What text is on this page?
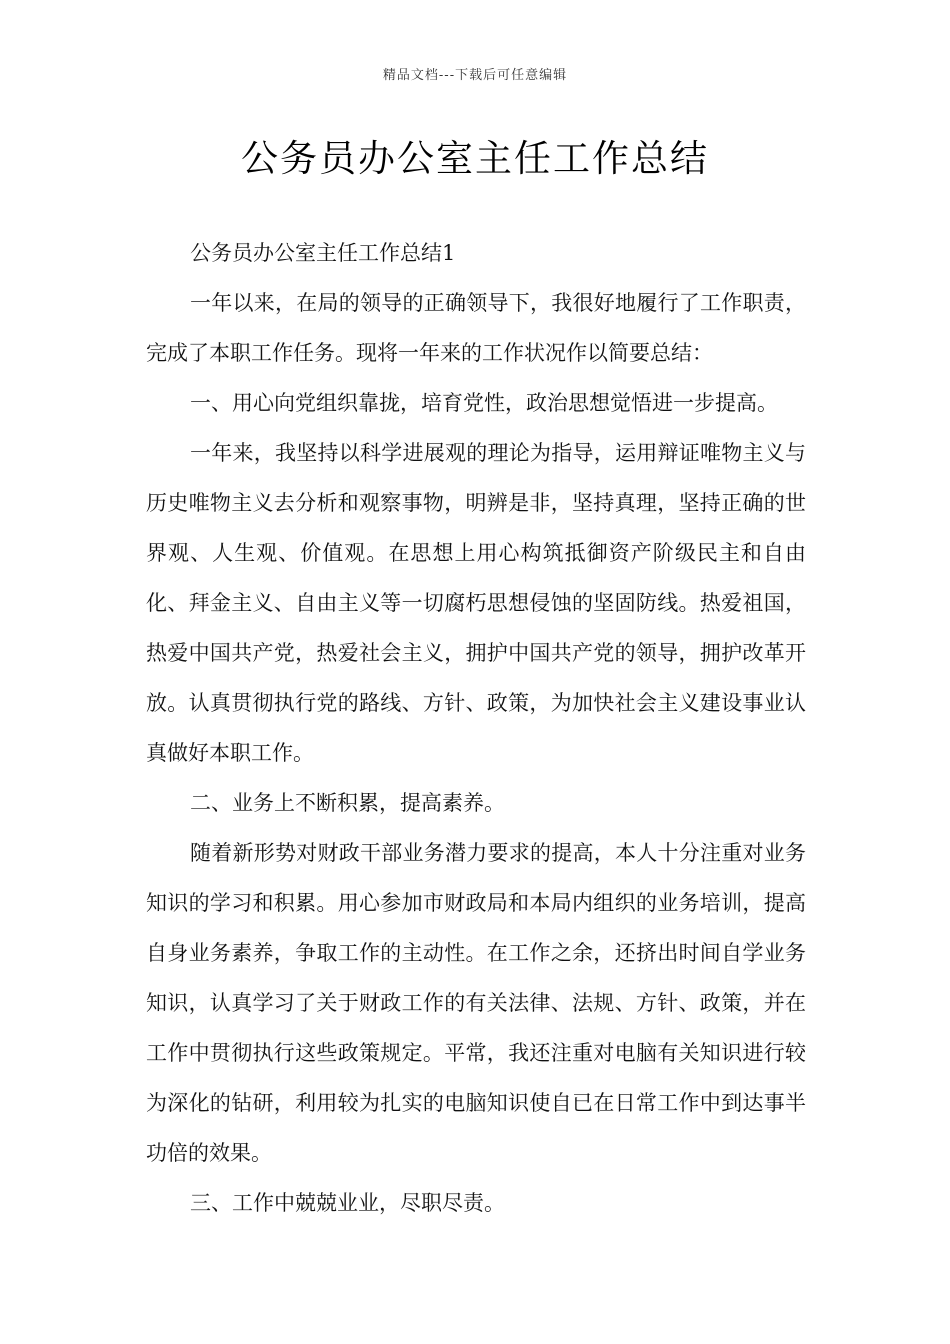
精品文档---下载后可任意编辑
公务员办公室主任工作总结

公务员办公室主任工作总结1

一年以来，在局的领导的正确领导下，我很好地履行了工作职责，完成了本职工作任务。现将一年来的工作状况作以简要总结：

一、用心向党组织靠拢，培育党性，政治思想觉悟进一步提高。

一年来，我坚持以科学进展观的理论为指导，运用辩证唯物主义与历史唯物主义去分析和观察事物，明辨是非，坚持真理，坚持正确的世界观、人生观、价值观。在思想上用心构筑抵御资产阶级民主和自由化、拜金主义、自由主义等一切腐朽思想侵蚀的坚固防线。热爱祖国，热爱中国共产党，热爱社会主义，拥护中国共产党的领导，拥护改革开放。认真贯彻执行党的路线、方针、政策，为加快社会主义建设事业认真做好本职工作。

二、业务上不断积累，提高素养。

随着新形势对财政干部业务潜力要求的提高，本人十分注重对业务知识的学习和积累。用心参加市财政局和本局内组织的业务培训，提高自身业务素养，争取工作的主动性。在工作之余，还挤出时间自学业务知识，认真学习了关于财政工作的有关法律、法规、方针、政策，并在工作中贯彻执行这些政策规定。平常，我还注重对电脑有关知识进行较为深化的钻研，利用较为扎实的电脑知识使自已在日常工作中到达事半功倍的效果。

三、工作中兢兢业业，尽职尽责。
